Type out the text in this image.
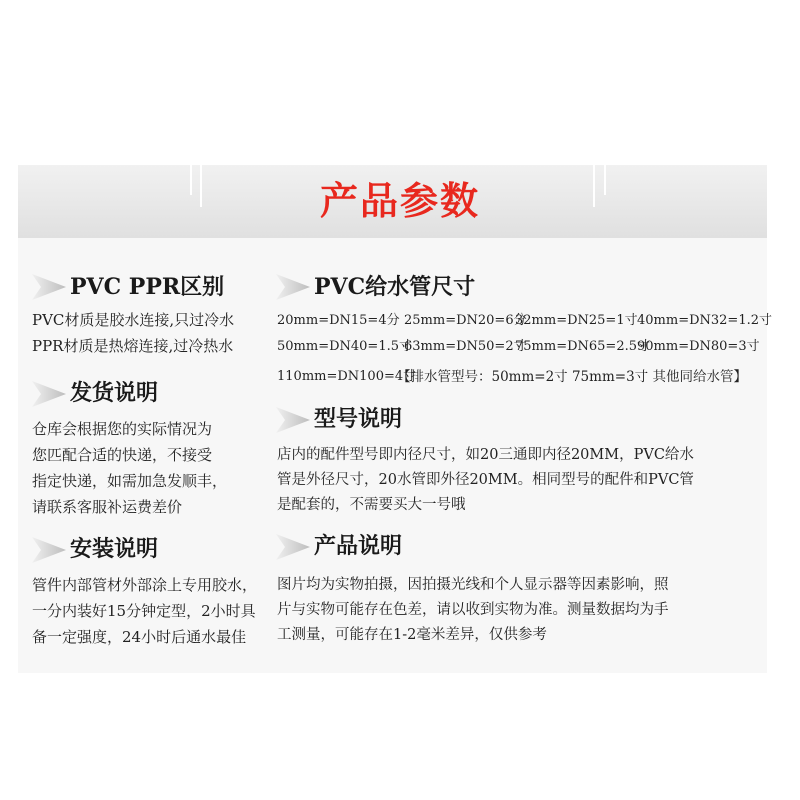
产品参数
PVC PPR区别
PVC材质是胶水连接,只过冷水
PPR材质是热熔连接,过冷热水
发货说明
仓库会根据您的实际情况为
您匹配合适的快递，不接受
指定快递，如需加急发顺丰，
请联系客服补运费差价
安装说明
管件内部管材外部涂上专用胶水，
一分内装好15分钟定型，2小时具
备一定强度，24小时后通水最佳
PVC给水管尺寸
20mm=DN15=4分 25mm=DN20=6分
32mm=DN25=1寸 40mm=DN32=1.2寸
50mm=DN40=1.5寸
63mm=DN50=2寸
75mm=DN65=2.5寸
90mm=DN80=3寸
110mm=DN100=4寸
【排水管型号：50mm=2寸 75mm=3寸 其他同给水管】
型号说明
店内的配件型号即内径尺寸，如20三通即内径20MM，PVC给水
管是外径尺寸，20水管即外径20MM。相同型号的配件和PVC管
是配套的，不需要买大一号哦
产品说明
图片均为实物拍摄，因拍摄光线和个人显示器等因素影响，照
片与实物可能存在色差，请以收到实物为准。测量数据均为手
工测量，可能存在1-2毫米差异，仅供参考
